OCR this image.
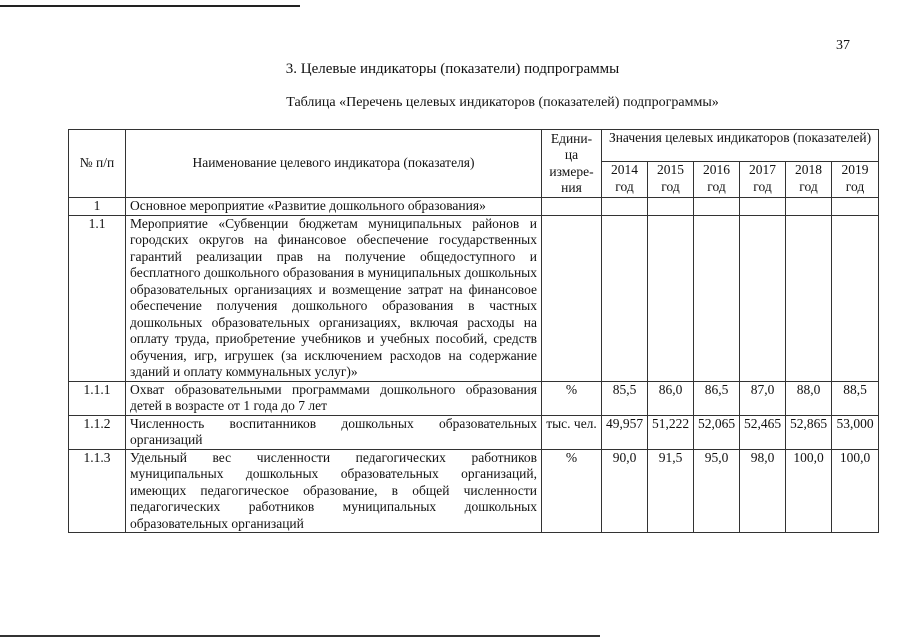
37
3. Целевые индикаторы (показатели) подпрограммы
Таблица «Перечень целевых индикаторов (показателей) подпрограммы»
№ п/п	Наименование целевого индикатора (показателя)	Едини-ца измере-ния	Значения целевых индикаторов (показателей)					
			2014 год	2015 год	2016 год	2017 год	2018 год	2019 год
1	Основное мероприятие «Развитие дошкольного образования»							
1.1	Мероприятие «Субвенции бюджетам муниципальных районов и городских округов на финансовое обеспечение государственных гарантий реализации прав на получение общедоступного и бесплатного дошкольного образования в муниципальных дошкольных образовательных организациях и возмещение затрат на финансовое обеспечение получения дошкольного образования в частных дошкольных образовательных организациях, включая расходы на оплату труда, приобретение учебников и учебных пособий, средств обучения, игр, игрушек (за исключением расходов на содержание зданий и оплату коммунальных услуг)»							
1.1.1	Охват образовательными программами дошкольного образования детей в возрасте от 1 года до 7 лет	%	85,5	86,0	86,5	87,0	88,0	88,5
1.1.2	Численность воспитанников дошкольных образовательных организаций	тыс. чел.	49,957	51,222	52,065	52,465	52,865	53,000
1.1.3	Удельный вес численности педагогических работников муниципальных дошкольных образовательных организаций, имеющих педагогическое образование, в общей численности педагогических работников муниципальных дошкольных образовательных организаций	%	90,0	91,5	95,0	98,0	100,0	100,0
